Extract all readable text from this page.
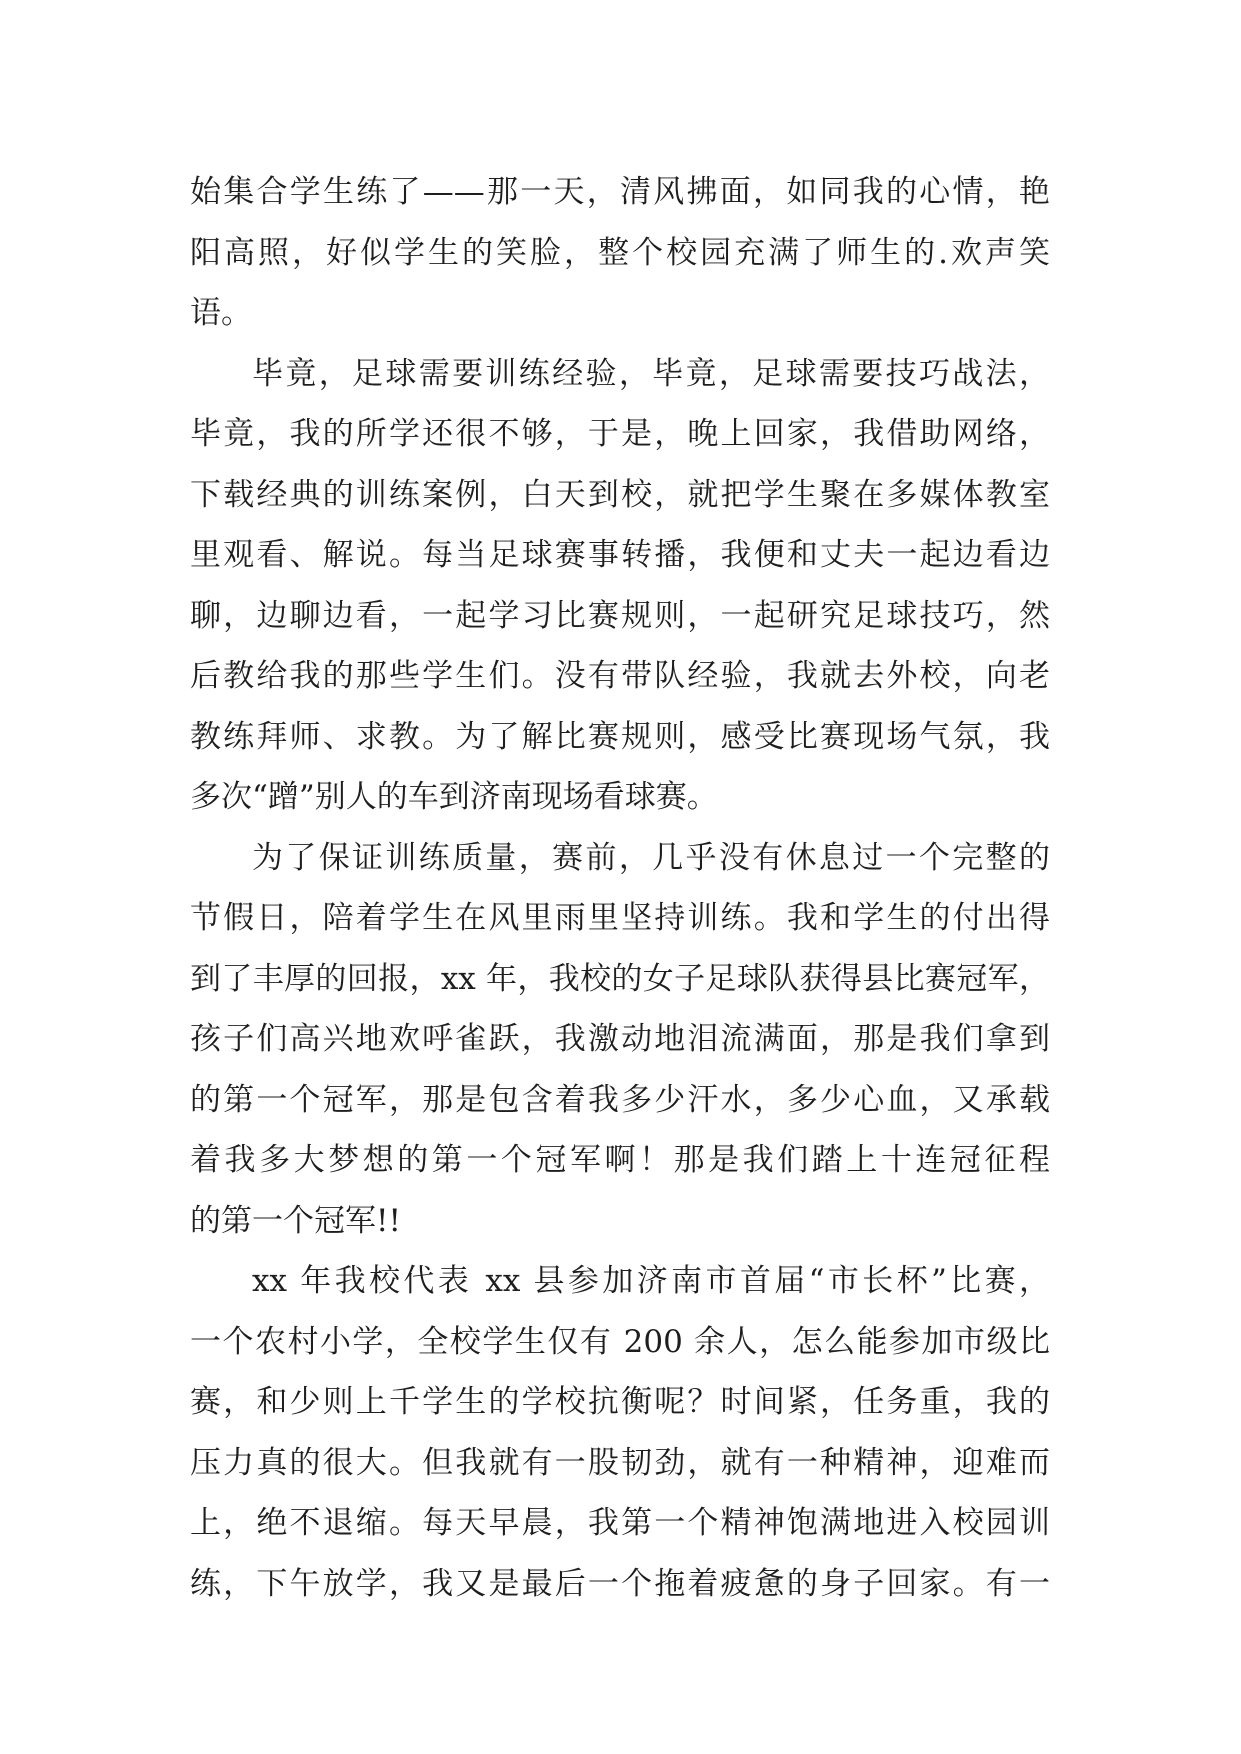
始集合学生练了——那一天，清风拂面，如同我的心情，艳
阳高照，好似学生的笑脸，整个校园充满了师生的.欢声笑
语。
毕竟，足球需要训练经验，毕竟，足球需要技巧战法，
毕竟，我的所学还很不够，于是，晚上回家，我借助网络，
下载经典的训练案例，白天到校，就把学生聚在多媒体教室
里观看、解说。每当足球赛事转播，我便和丈夫一起边看边
聊，边聊边看，一起学习比赛规则，一起研究足球技巧，然
后教给我的那些学生们。没有带队经验，我就去外校，向老
教练拜师、求教。为了解比赛规则，感受比赛现场气氛，我
多次“蹭”别人的车到济南现场看球赛。
为了保证训练质量，赛前，几乎没有休息过一个完整的
节假日，陪着学生在风里雨里坚持训练。我和学生的付出得
到了丰厚的回报，xx 年，我校的女子足球队获得县比赛冠军，
孩子们高兴地欢呼雀跃，我激动地泪流满面，那是我们拿到
的第一个冠军，那是包含着我多少汗水，多少心血，又承载
着我多大梦想的第一个冠军啊！那是我们踏上十连冠征程
的第一个冠军!!
xx 年我校代表 xx 县参加济南市首届“市长杯”比赛，
一个农村小学，全校学生仅有 200 余人，怎么能参加市级比
赛，和少则上千学生的学校抗衡呢？时间紧，任务重，我的
压力真的很大。但我就有一股韧劲，就有一种精神，迎难而
上，绝不退缩。每天早晨，我第一个精神饱满地进入校园训
练，下午放学，我又是最后一个拖着疲惫的身子回家。有一
